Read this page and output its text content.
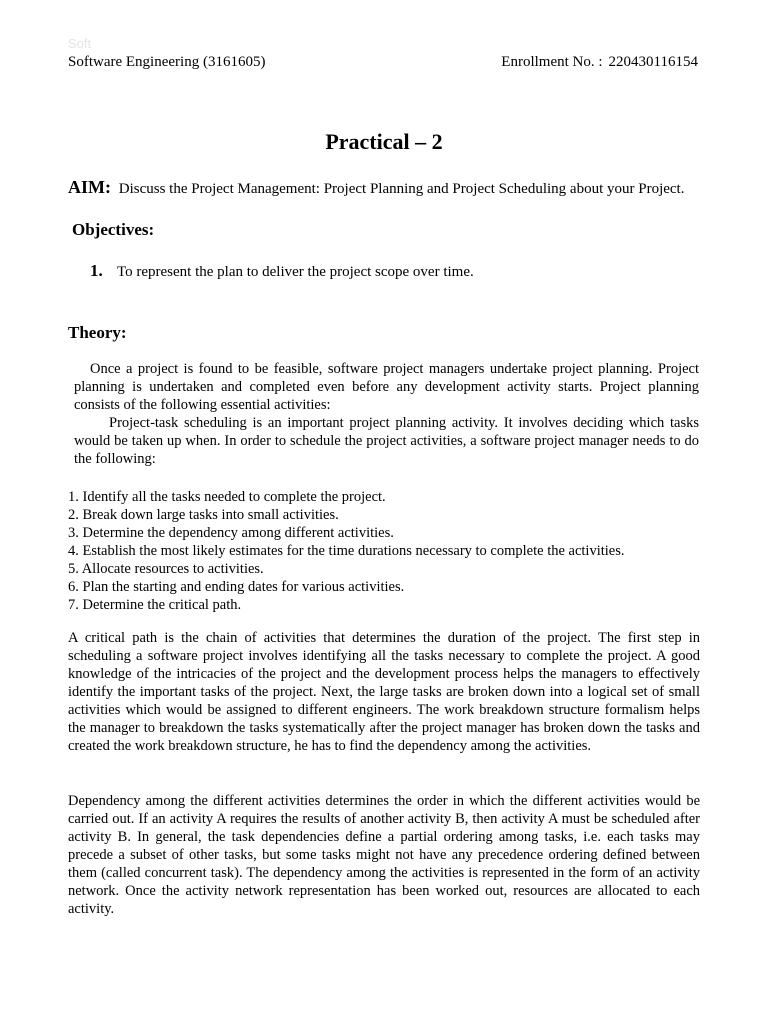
Soft
Software Engineering (3161605)	Enrollment No. : 220430116154
Practical – 2
AIM: Discuss the Project Management: Project Planning and Project Scheduling about your Project.
Objectives:
1. To represent the plan to deliver the project scope over time.
Theory:

Once a project is found to be feasible, software project managers undertake project planning. Project planning is undertaken and completed even before any development activity starts. Project planning consists of the following essential activities:

Project-task scheduling is an important project planning activity. It involves deciding which tasks would be taken up when. In order to schedule the project activities, a software project manager needs to do the following:

1. Identify all the tasks needed to complete the project.
2. Break down large tasks into small activities.
3. Determine the dependency among different activities.
4. Establish the most likely estimates for the time durations necessary to complete the activities.
5. Allocate resources to activities.
6. Plan the starting and ending dates for various activities.
7. Determine the critical path.

A critical path is the chain of activities that determines the duration of the project. The first step in scheduling a software project involves identifying all the tasks necessary to complete the project. A good knowledge of the intricacies of the project and the development process helps the managers to effectively identify the important tasks of the project. Next, the large tasks are broken down into a logical set of small activities which would be assigned to different engineers. The work breakdown structure formalism helps the manager to breakdown the tasks systematically after the project manager has broken down the tasks and created the work breakdown structure, he has to find the dependency among the activities.

Dependency among the different activities determines the order in which the different activities would be carried out. If an activity A requires the results of another activity B, then activity A must be scheduled after activity B. In general, the task dependencies define a partial ordering among tasks, i.e. each tasks may precede a subset of other tasks, but some tasks might not have any precedence ordering defined between them (called concurrent task). The dependency among the activities is represented in the form of an activity network. Once the activity network representation has been worked out, resources are allocated to each activity.
